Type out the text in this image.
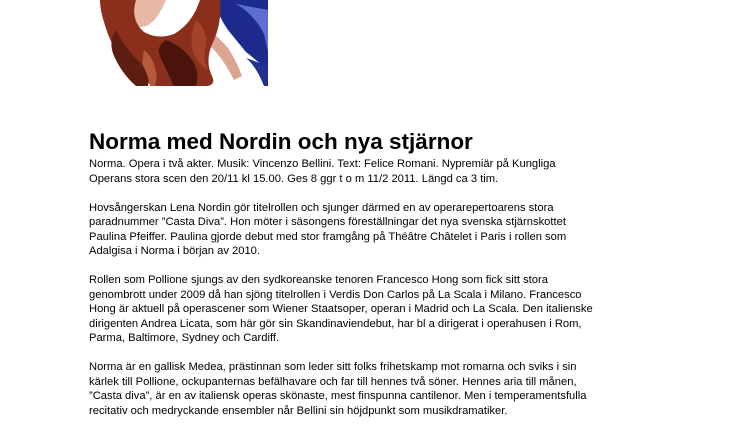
Norma med Nordin och nya stjärnor

Norma. Opera i två akter. Musik: Vincenzo Bellini. Text: Felice Romani. Nypremiär på Kungliga
Operans stora scen den 20/11 kl 15.00. Ges 8 ggr t o m 11/2 2011. Längd ca 3 tim.

Hovsångerskan Lena Nordin gör titelrollen och sjunger därmed en av operarepertoarens stora
paradnummer ”Casta Diva”. Hon möter i säsongens föreställningar det nya svenska stjärnskottet
Paulina Pfeiffer. Paulina gjorde debut med stor framgång på Théâtre Châtelet i Paris i rollen som
Adalgisa i Norma i början av 2010.

Rollen som Pollione sjungs av den sydkoreanske tenoren Francesco Hong som fick sitt stora
genombrott under 2009 då han sjöng titelrollen i Verdis Don Carlos på La Scala i Milano. Francesco
Hong är aktuell på operascener som Wiener Staatsoper, operan i Madrid och La Scala. Den italienske
dirigenten Andrea Licata, som här gör sin Skandinaviendebut, har bl a dirigerat i operahusen i Rom,
Parma, Baltimore, Sydney och Cardiff.

Norma är en gallisk Medea, prästinnan som leder sitt folks frihetskamp mot romarna och sviks i sin
kärlek till Pollione, ockupanternas befälhavare och far till hennes två söner. Hennes aria till månen,
”Casta diva”, är en av italiensk operas skönaste, mest finspunna cantilenor. Men i temperamentsfulla
recitativ och medryckande ensembler når Bellini sin höjdpunkt som musikdramatiker.
